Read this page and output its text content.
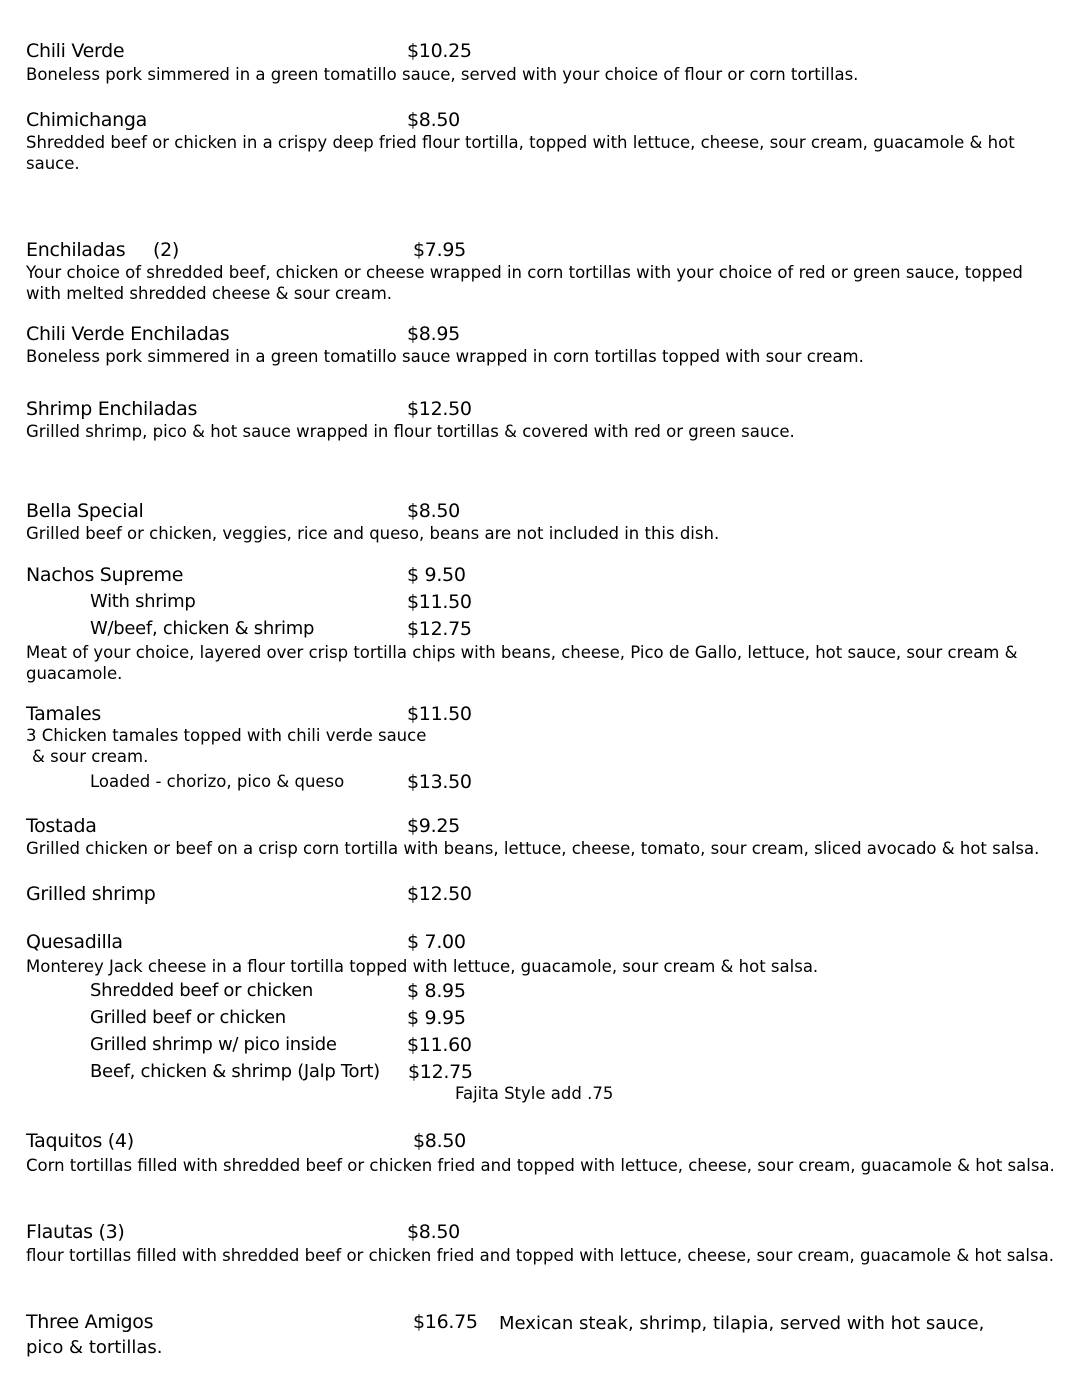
Chili Verde	$10.25
Boneless pork simmered in a green tomatillo sauce, served with your choice of flour or corn tortillas.
Chimichanga	$8.50
Shredded beef or chicken in a crispy deep fried flour tortilla, topped with lettuce, cheese, sour cream, guacamole & hot sauce.
Enchiladas (2)	$7.95
Your choice of shredded beef, chicken or cheese wrapped in corn tortillas with your choice of red or green sauce, topped with melted shredded cheese & sour cream.
Chili Verde Enchiladas	$8.95
Boneless pork simmered in a green tomatillo sauce wrapped in corn tortillas topped with sour cream.
Shrimp Enchiladas	$12.50
Grilled shrimp, pico & hot sauce wrapped in flour tortillas & covered with red or green sauce.
Bella Special	$8.50
Grilled beef or chicken, veggies, rice and queso, beans are not included in this dish.
Nachos Supreme	$ 9.50
With shrimp	$11.50
W/beef, chicken & shrimp	$12.75
Meat of your choice, layered over crisp tortilla chips with beans, cheese, Pico de Gallo, lettuce, hot sauce, sour cream & guacamole.
Tamales	$11.50
3 Chicken tamales topped with chili verde sauce
& sour cream.
Loaded - chorizo, pico & queso	$13.50
Tostada	$9.25
Grilled chicken or beef on a crisp corn tortilla with beans, lettuce, cheese, tomato, sour cream, sliced avocado & hot salsa.
Grilled shrimp	$12.50
Quesadilla	$ 7.00
Monterey Jack cheese in a flour tortilla topped with lettuce, guacamole, sour cream & hot salsa.
Shredded beef or chicken	$ 8.95
Grilled beef or chicken	$ 9.95
Grilled shrimp w/ pico inside	$11.60
Beef, chicken & shrimp (Jalp Tort) $12.75
Fajita Style add .75
Taquitos (4)	$8.50
Corn tortillas filled with shredded beef or chicken fried and topped with lettuce, cheese, sour cream, guacamole & hot salsa.
Flautas (3)	$8.50
flour tortillas filled with shredded beef or chicken fried and topped with lettuce, cheese, sour cream, guacamole & hot salsa.
Three Amigos	$16.75 Mexican steak, shrimp, tilapia, served with hot sauce,
pico & tortillas.
